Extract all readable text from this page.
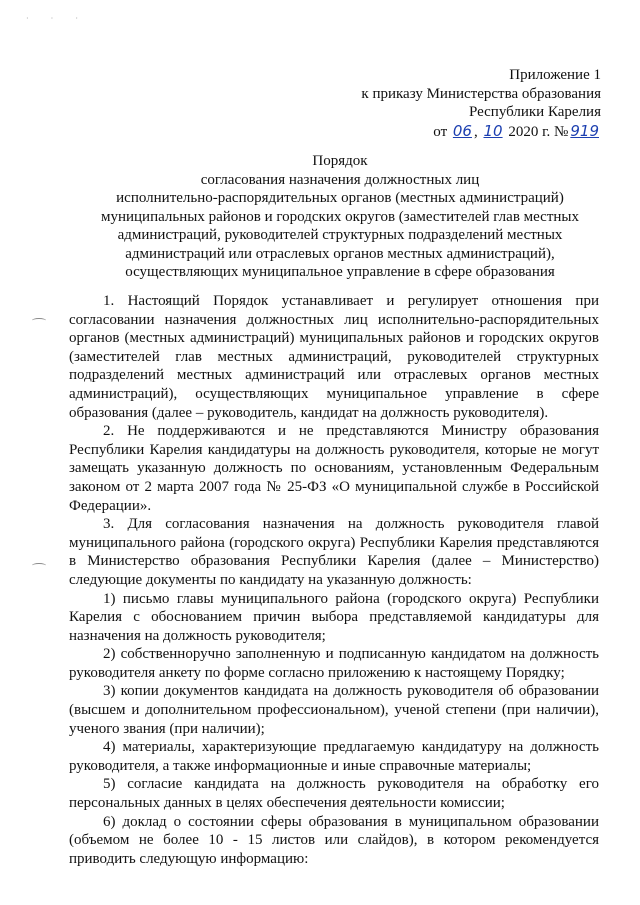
· · ·
Приложение 1
к приказу Министерства образования
Республики Карелия
от 06 , 10 2020 г. № 919
Порядок
согласования назначения должностных лиц
исполнительно-распорядительных органов (местных администраций)
муниципальных районов и городских округов (заместителей глав местных
администраций, руководителей структурных подразделений местных
администраций или отраслевых органов местных администраций),
осуществляющих муниципальное управление в сфере образования

1. Настоящий Порядок устанавливает и регулирует отношения при согласовании назначения должностных лиц исполнительно-распорядительных органов (местных администраций) муниципальных районов и городских округов (заместителей глав местных администраций, руководителей структурных подразделений местных администраций или отраслевых органов местных администраций), осуществляющих муниципальное управление в сфере образования (далее – руководитель, кандидат на должность руководителя).

2. Не поддерживаются и не представляются Министру образования Республики Карелия кандидатуры на должность руководителя, которые не могут замещать указанную должность по основаниям, установленным Федеральным законом от 2 марта 2007 года № 25-ФЗ «О муниципальной службе в Российской Федерации».

3. Для согласования назначения на должность руководителя главой муниципального района (городского округа) Республики Карелия представляются в Министерство образования Республики Карелия (далее – Министерство) следующие документы по кандидату на указанную должность:

1) письмо главы муниципального района (городского округа) Республики Карелия с обоснованием причин выбора представляемой кандидатуры для назначения на должность руководителя;

2) собственноручно заполненную и подписанную кандидатом на должность руководителя анкету по форме согласно приложению к настоящему Порядку;

3) копии документов кандидата на должность руководителя об образовании (высшем и дополнительном профессиональном), ученой степени (при наличии), ученого звания (при наличии);

4) материалы, характеризующие предлагаемую кандидатуру на должность руководителя, а также информационные и иные справочные материалы;

5) согласие кандидата на должность руководителя на обработку его персональных данных в целях обеспечения деятельности комиссии;

6) доклад о состоянии сферы образования в муниципальном образовании (объемом не более 10 - 15 листов или слайдов), в котором рекомендуется приводить следующую информацию:
